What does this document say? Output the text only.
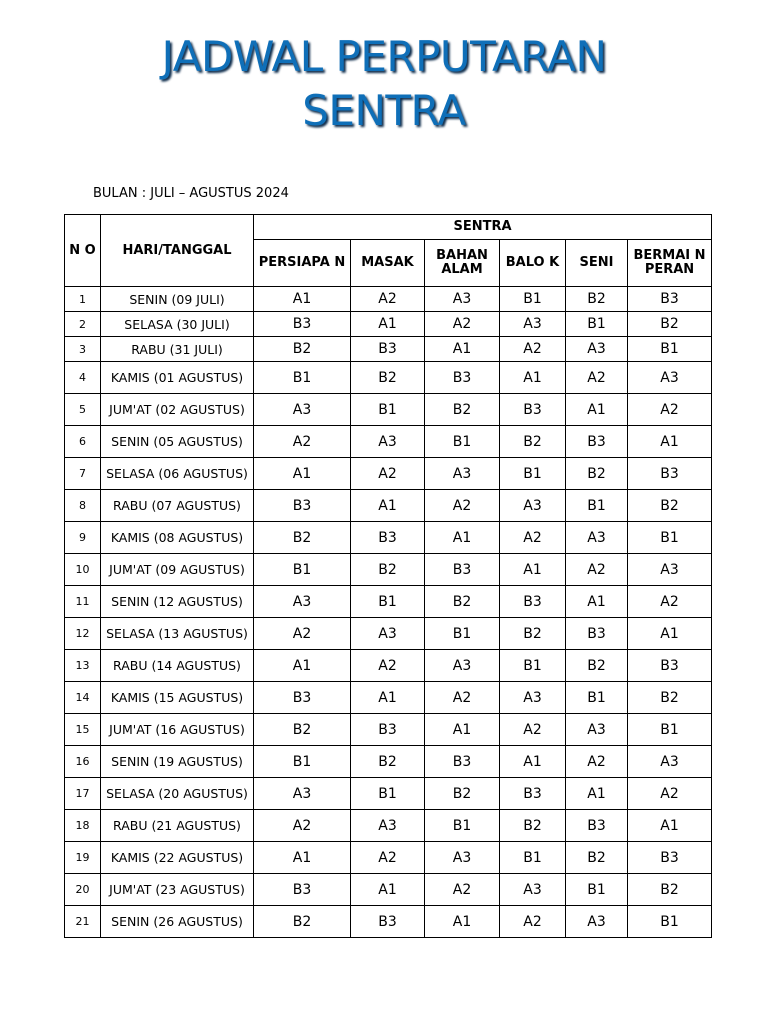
JADWAL PERPUTARAN
SENTRA
BULAN : JULI – AGUSTUS 2024
N O	HARI/TANGGAL	SENTRA					
		PERSIAPA N	MASAK	BAHAN ALAM	BALO K	SENI	BERMAI N PERAN
1	SENIN (09 JULI)	A1	A2	A3	B1	B2	B3
2	SELASA (30 JULI)	B3	A1	A2	A3	B1	B2
3	RABU (31 JULI)	B2	B3	A1	A2	A3	B1
4	KAMIS (01 AGUSTUS)	B1	B2	B3	A1	A2	A3
5	JUM'AT (02 AGUSTUS)	A3	B1	B2	B3	A1	A2
6	SENIN (05 AGUSTUS)	A2	A3	B1	B2	B3	A1
7	SELASA (06 AGUSTUS)	A1	A2	A3	B1	B2	B3
8	RABU (07 AGUSTUS)	B3	A1	A2	A3	B1	B2
9	KAMIS (08 AGUSTUS)	B2	B3	A1	A2	A3	B1
10	JUM'AT (09 AGUSTUS)	B1	B2	B3	A1	A2	A3
11	SENIN (12 AGUSTUS)	A3	B1	B2	B3	A1	A2
12	SELASA (13 AGUSTUS)	A2	A3	B1	B2	B3	A1
13	RABU (14 AGUSTUS)	A1	A2	A3	B1	B2	B3
14	KAMIS (15 AGUSTUS)	B3	A1	A2	A3	B1	B2
15	JUM'AT (16 AGUSTUS)	B2	B3	A1	A2	A3	B1
16	SENIN (19 AGUSTUS)	B1	B2	B3	A1	A2	A3
17	SELASA (20 AGUSTUS)	A3	B1	B2	B3	A1	A2
18	RABU (21 AGUSTUS)	A2	A3	B1	B2	B3	A1
19	KAMIS (22 AGUSTUS)	A1	A2	A3	B1	B2	B3
20	JUM'AT (23 AGUSTUS)	B3	A1	A2	A3	B1	B2
21	SENIN (26 AGUSTUS)	B2	B3	A1	A2	A3	B1
